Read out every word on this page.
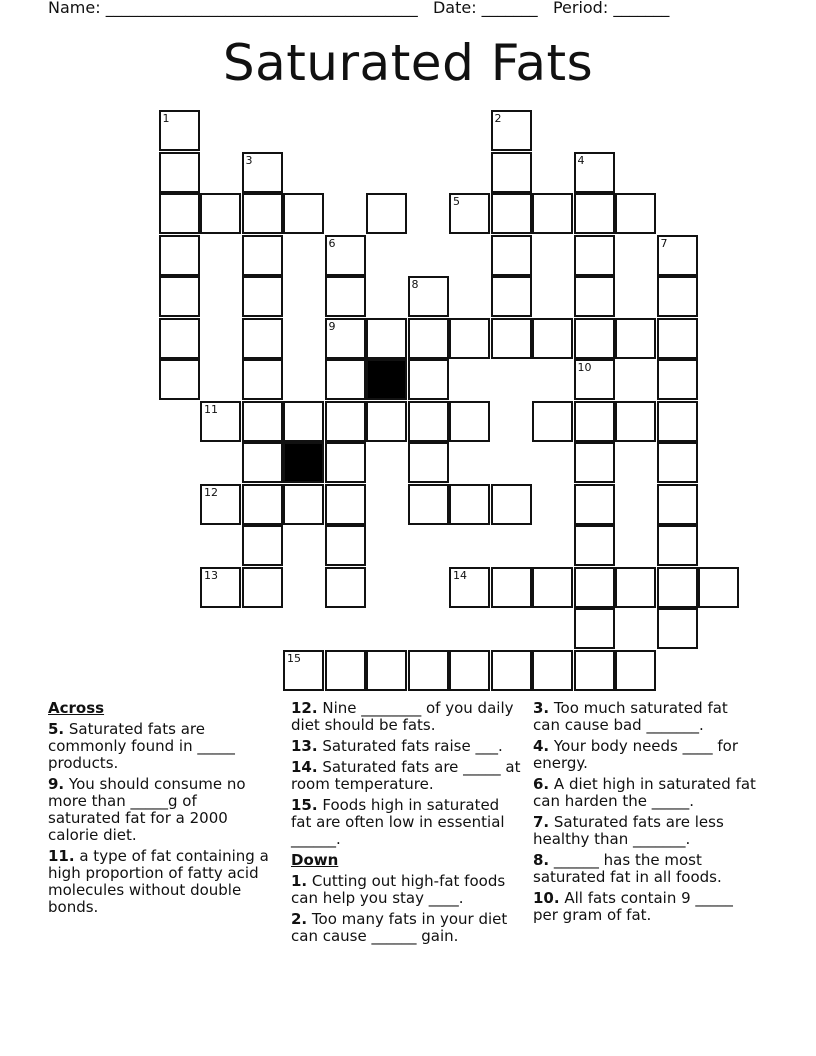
Name: _______________________________________ Date: _______ Period: _______
Saturated Fats
1
3
6
9
8
2
4
10
7
5
11
12
13	14
15
Across
5. Saturated fats are commonly found in _____ products.
9. You should consume no more than _____g of saturated fat for a 2000 calorie diet.
11. a type of fat containing a high proportion of fatty acid molecules without double bonds.
12. Nine ________ of you daily diet should be fats.
13. Saturated fats raise ___.
14. Saturated fats are _____ at room temperature.
15. Foods high in saturated fat are often low in essential ______.
Down
1. Cutting out high-fat foods can help you stay ____.
2. Too many fats in your diet can cause ______ gain.
3. Too much saturated fat can cause bad _______.
4. Your body needs ____ for energy.
6. A diet high in saturated fat can harden the _____.
7. Saturated fats are less healthy than _______.
8. ______ has the most saturated fat in all foods.
10. All fats contain 9 _____ per gram of fat.
